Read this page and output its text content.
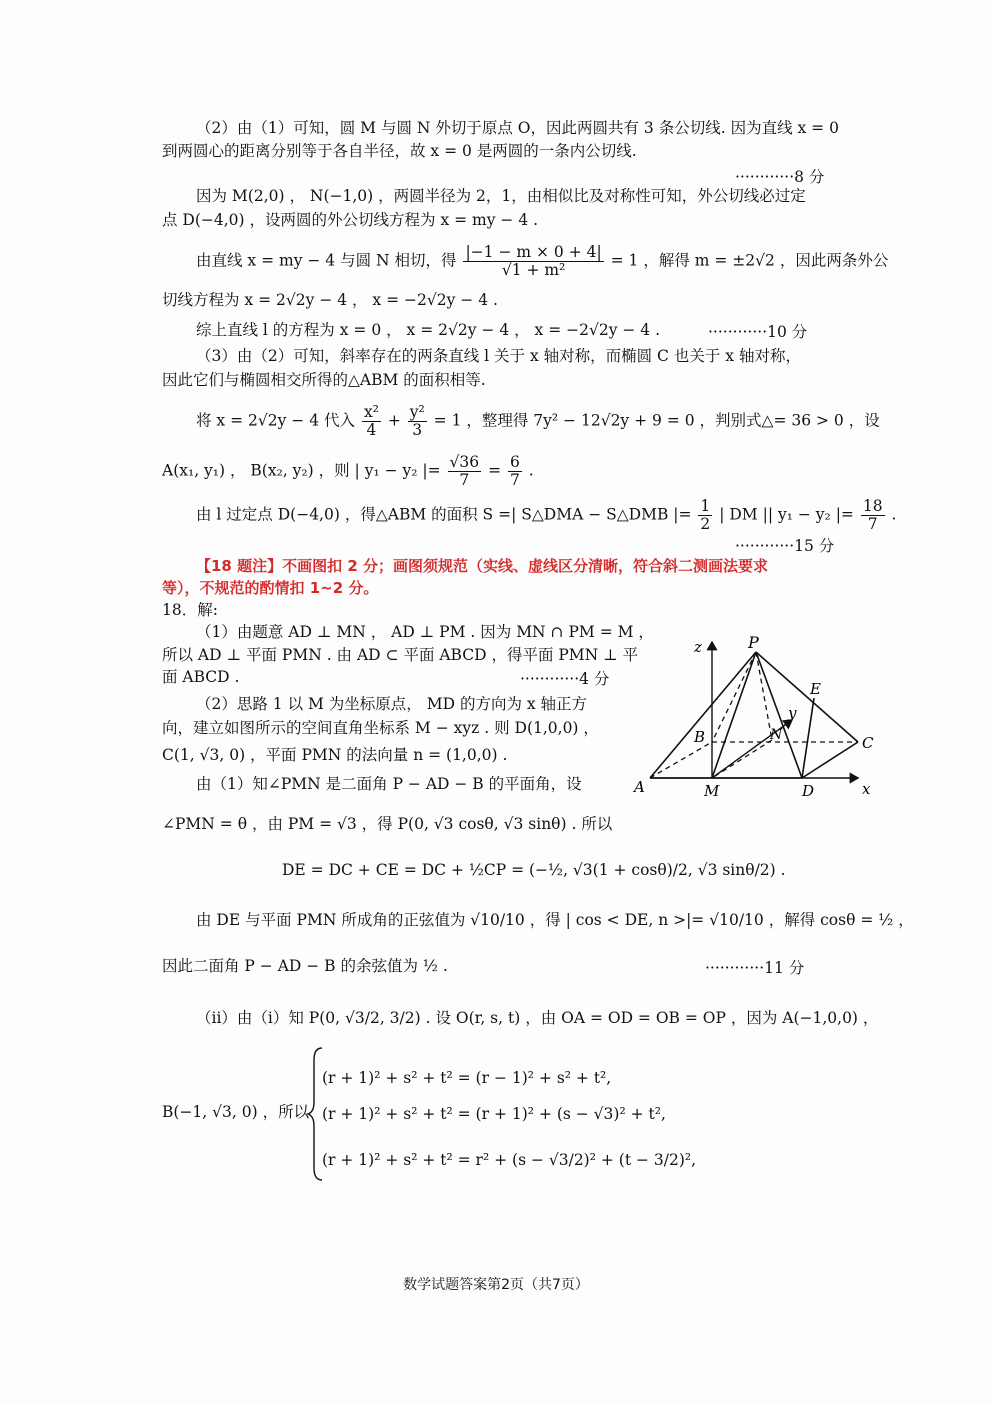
（2）由（1）可知，圆 M 与圆 N 外切于原点 O，因此两圆共有 3 条公切线. 因为直线 x = 0
到两圆心的距离分别等于各自半径，故 x = 0 是两圆的一条内公切线.
············8 分
因为 M(2,0) ， N(−1,0) ，两圆半径为 2，1，由相似比及对称性可知，外公切线必过定
点 D(−4,0) ，设两圆的外公切线方程为 x = my − 4 .
由直线 x = my − 4 与圆 N 相切，得 $\frac{|-1 - m \times 0 + 4|}{\text{√1 + m²}} = 1$ ，解得 m = ±2√2 ，因此两条外公
切线方程为 x = 2√2y − 4 ， x = −2√2y − 4 .
综上直线 l 的方程为 x = 0 ， x = 2√2y − 4 ， x = −2√2y − 4 .	············10 分
（3）由（2）可知，斜率存在的两条直线 l 关于 x 轴对称，而椭圆 C 也关于 x 轴对称，
因此它们与椭圆相交所得的△ABM 的面积相等.
将 x = 2√2y − 4 代入 $\frac{\text{x²}}{4} + \frac{\text{y²}}{3} = 1$ ，整理得 7y² − 12√2y + 9 = 0 ，判别式△= 36 > 0 ，设
A(x₁, y₁) ， B(x₂, y₂) ，则 | y₁ − y₂ |= $\frac{√36}{7} = \frac{6}{7}$ .
由 l 过定点 D(−4,0) ，得△ABM 的面积 S =| S△DMA − S△DMB |= $\frac{1}{2}$ | DM || y₁ − y₂ |= $\frac{18}{7}$ .
············15 分
【18 题注】不画图扣 2 分；画图须规范（实线、虚线区分清晰，符合斜二测画法要求
等），不规范的酌情扣 1~2 分。
18．解:
（1）由题意 AD ⊥ MN ， AD ⊥ PM . 因为 MN ∩ PM = M ，
所以 AD ⊥ 平面 PMN . 由 AD ⊂ 平面 ABCD ，得平面 PMN ⊥ 平
面 ABCD .	············4 分
（2）思路 1 以 M 为坐标原点， MD 的方向为 x 轴正方
向，建立如图所示的空间直角坐标系 M − xyz . 则 D(1,0,0) ，
C(1, √3, 0) ，平面 PMN 的法向量 n = (1,0,0) .
由（1）知∠PMN 是二面角 P − AD − B 的平面角，设
∠PMN = θ ，由 PM = √3 ，得 P(0, √3 cosθ, √3 sinθ) . 所以
DE = DC + CE = DC + ½CP = (−½, √3(1 + cosθ)/2, √3 sinθ/2) .
由 DE 与平面 PMN 所成角的正弦值为 √10/10 ，得 | cos < DE, n >|= √10/10 ，解得 cosθ = ½ ，
因此二面角 P − AD − B 的余弦值为 ½ .	············11 分
（ii）由（i）知 P(0, √3/2, 3/2) . 设 O(r, s, t) ，由 OA = OD = OB = OP ，因为 A(−1,0,0) ，
B(−1, √3, 0) ，所以
(r + 1)² + s² + t² = (r − 1)² + s² + t²,
(r + 1)² + s² + t² = (r + 1)² + (s − √3)² + t²,
(r + 1)² + s² + t² = r² + (s − √3/2)² + (t − 3/2)²,
z	P
E
y
B	N	C
A	M	D	x
数学试题答案第2页（共7页）
